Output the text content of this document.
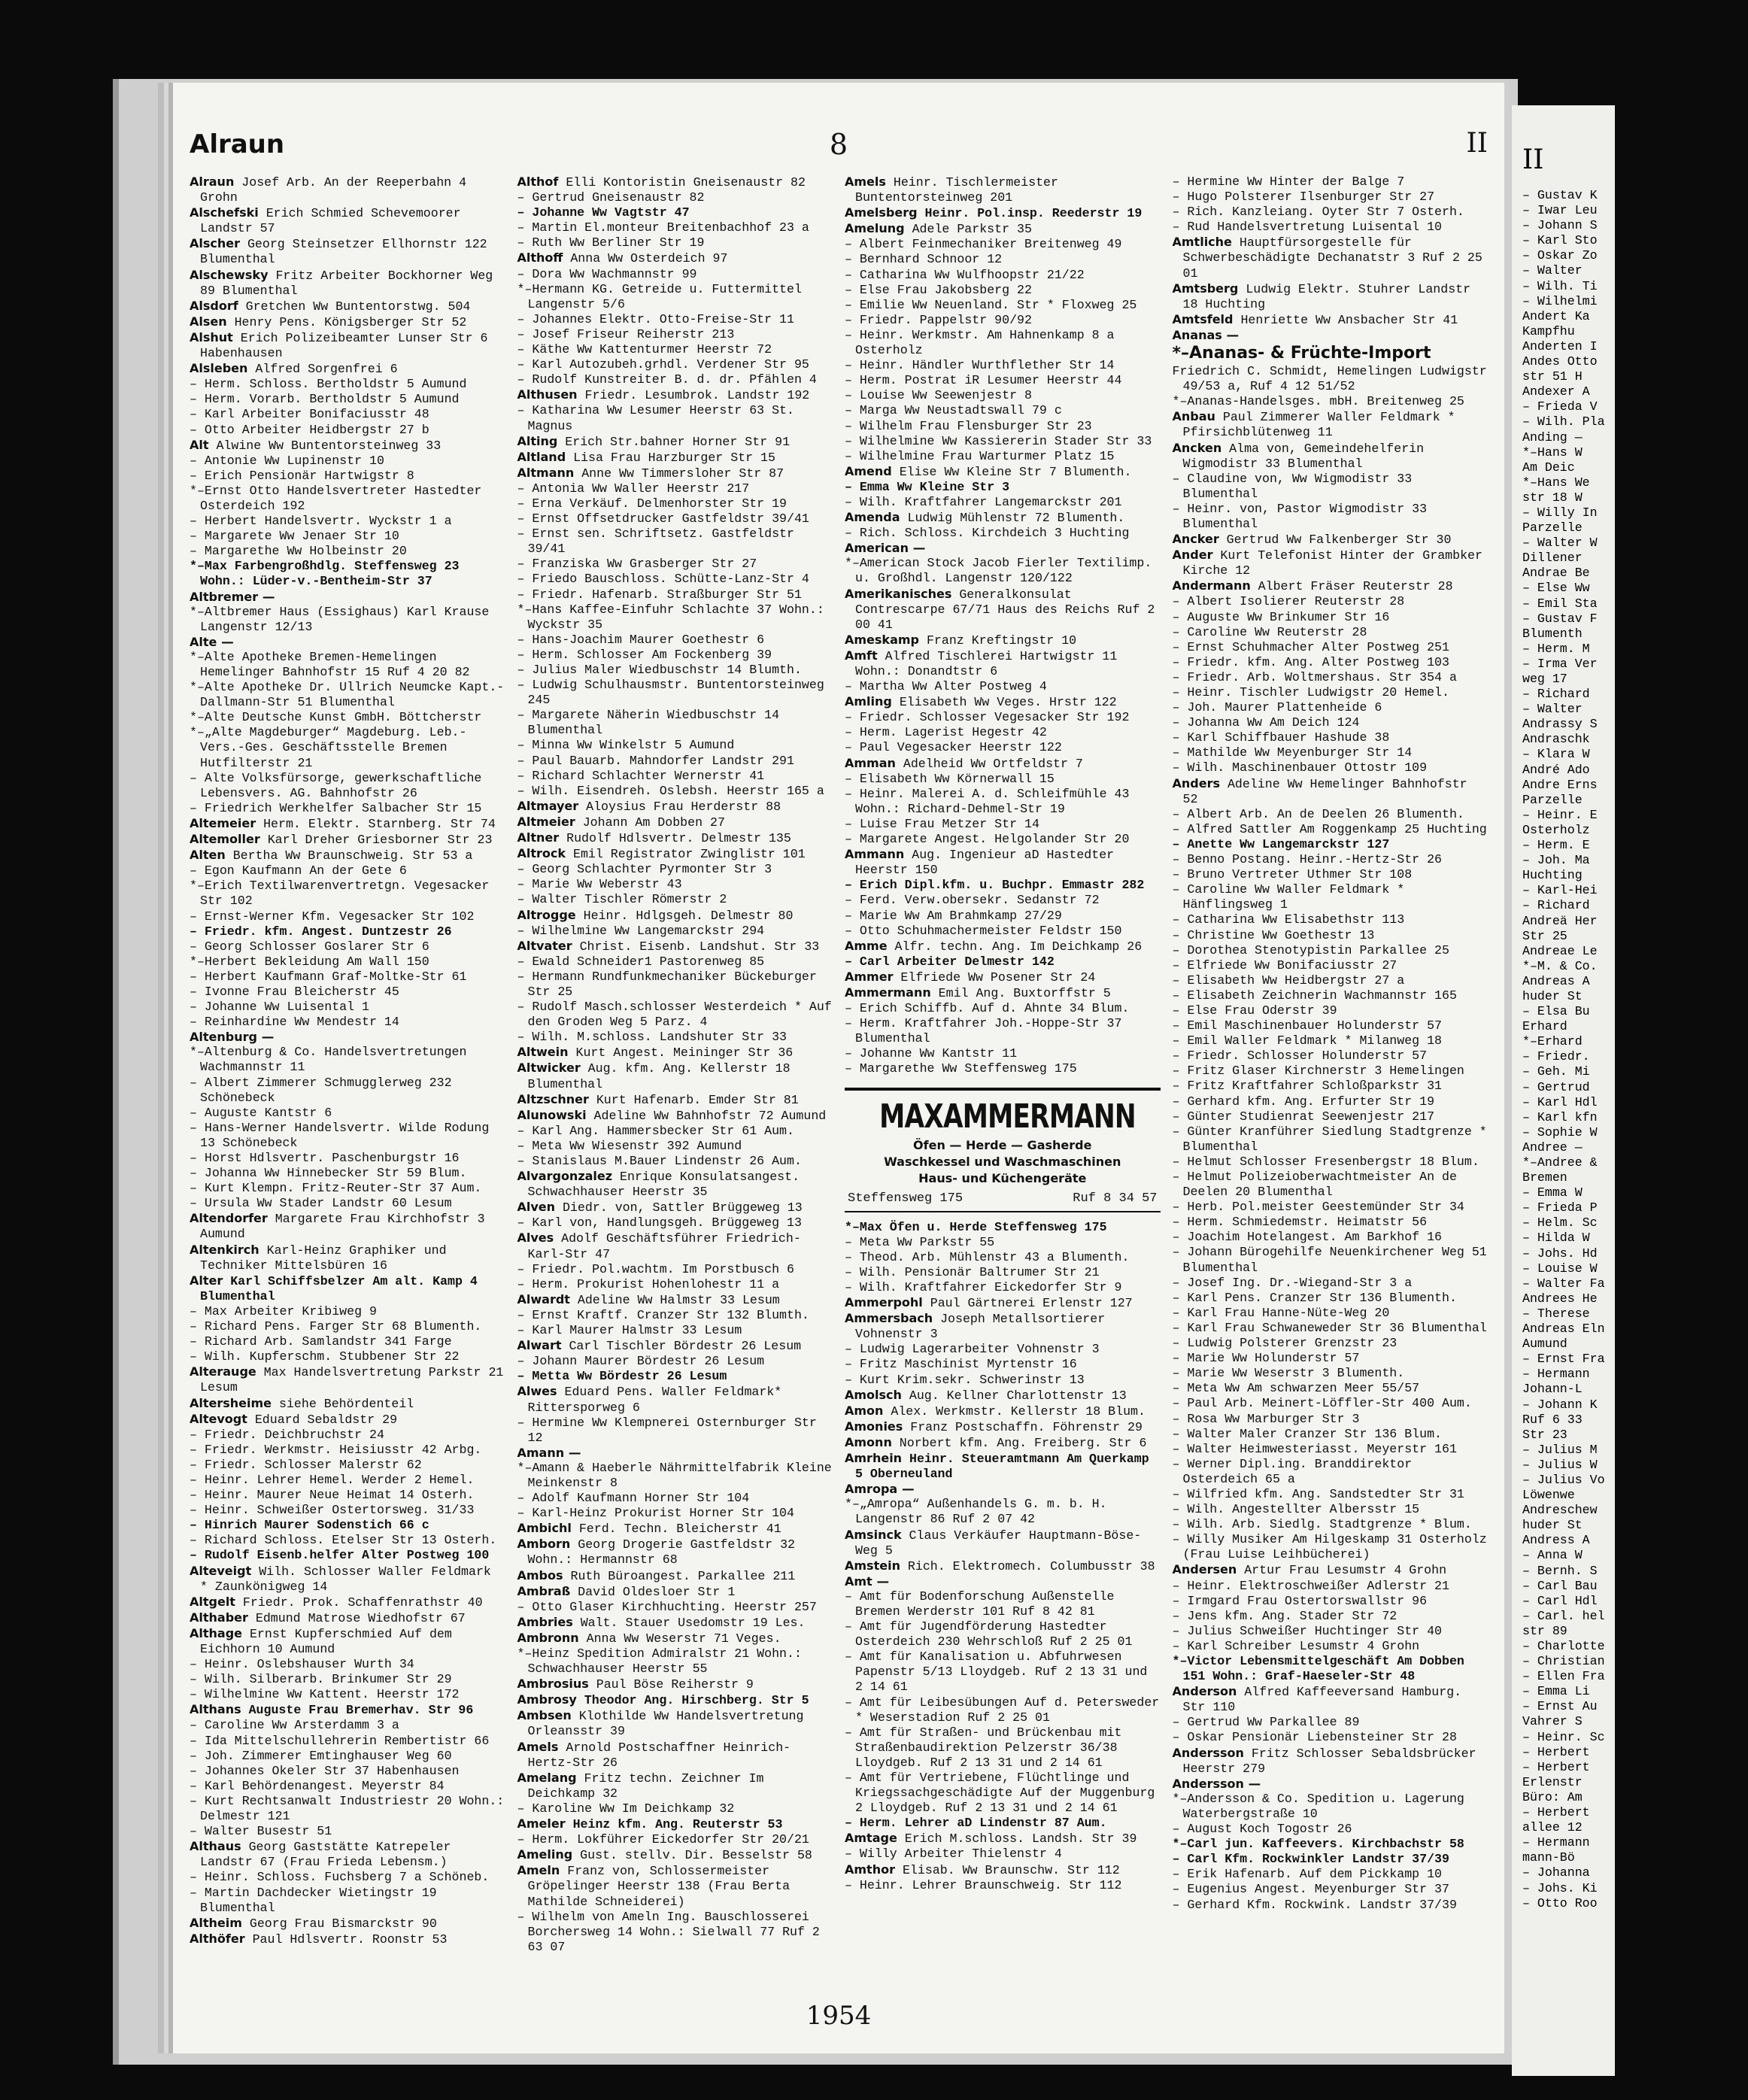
Alraun	8	II
Alraun Josef Arb. An der Reeperbahn 4 Grohn
Alschefski Erich Schmied Schevemoorer Landstr 57
Alscher Georg Steinsetzer Ellhornstr 122 Blumenthal
Alschewsky Fritz Arbeiter Bockhorner Weg 89 Blumenthal
Alsdorf Gretchen Ww Buntentorstwg. 504
Alsen Henry Pens. Königsberger Str 52
Alshut Erich Polizeibeamter Lunser Str 6 Habenhausen
Alsleben Alfred Sorgenfrei 6
– Herm. Schloss. Bertholdstr 5 Aumund
– Herm. Vorarb. Bertholdstr 5 Aumund
– Karl Arbeiter Bonifaciusstr 48
– Otto Arbeiter Heidbergstr 27 b
Alt Alwine Ww Buntentorsteinweg 33
– Antonie Ww Lupinenstr 10
– Erich Pensionär Hartwigstr 8
*–Ernst Otto Handelsvertreter Hastedter Osterdeich 192
– Herbert Handelsvertr. Wyckstr 1 a
– Margarete Ww Jenaer Str 10
– Margarethe Ww Holbeinstr 20
*–Max Farbengroßhdlg. Steffensweg 23 Wohn.: Lüder-v.-Bentheim-Str 37
Altbremer —
*–Altbremer Haus (Essighaus) Karl Krause Langenstr 12/13
Alte —
*–Alte Apotheke Bremen-Hemelingen Hemelinger Bahnhofstr 15 Ruf 4 20 82
*–Alte Apotheke Dr. Ullrich Neumcke Kapt.-Dallmann-Str 51 Blumenthal
*–Alte Deutsche Kunst GmbH. Böttcherstr
*–„Alte Magdeburger“ Magdeburg. Leb.-Vers.-Ges. Geschäftsstelle Bremen Hutfilterstr 21
– Alte Volksfürsorge, gewerkschaftliche Lebensvers. AG. Bahnhofstr 26
– Friedrich Werkhelfer Salbacher Str 15
Altemeier Herm. Elektr. Starnberg. Str 74
Altemoller Karl Dreher Griesborner Str 23
Alten Bertha Ww Braunschweig. Str 53 a
– Egon Kaufmann An der Gete 6
*–Erich Textilwarenvertretgn. Vegesacker Str 102
– Ernst-Werner Kfm. Vegesacker Str 102
– Friedr. kfm. Angest. Duntzestr 26
– Georg Schlosser Goslarer Str 6
*–Herbert Bekleidung Am Wall 150
– Herbert Kaufmann Graf-Moltke-Str 61
– Ivonne Frau Bleicherstr 45
– Johanne Ww Luisental 1
– Reinhardine Ww Mendestr 14
Altenburg —
*–Altenburg & Co. Handelsvertretungen Wachmannstr 11
– Albert Zimmerer Schmugglerweg 232 Schönebeck
– Auguste Kantstr 6
– Hans-Werner Handelsvertr. Wilde Rodung 13 Schönebeck
– Horst Hdlsvertr. Paschenburgstr 16
– Johanna Ww Hinnebecker Str 59 Blum.
– Kurt Klempn. Fritz-Reuter-Str 37 Aum.
– Ursula Ww Stader Landstr 60 Lesum
Altendorfer Margarete Frau Kirchhofstr 3 Aumund
Altenkirch Karl-Heinz Graphiker und Techniker Mittelsbüren 16
Alter Karl Schiffsbelzer Am alt. Kamp 4 Blumenthal
– Max Arbeiter Kribiweg 9
– Richard Pens. Farger Str 68 Blumenth.
– Richard Arb. Samlandstr 341 Farge
– Wilh. Kupferschm. Stubbener Str 22
Alterauge Max Handelsvertretung Parkstr 21 Lesum
Altersheime siehe Behördenteil
Altevogt Eduard Sebaldstr 29
– Friedr. Deichbruchstr 24
– Friedr. Werkmstr. Heisiusstr 42 Arbg.
– Friedr. Schlosser Malerstr 62
– Heinr. Lehrer Hemel. Werder 2 Hemel.
– Heinr. Maurer Neue Heimat 14 Osterh.
– Heinr. Schweißer Ostertorsweg. 31/33
– Hinrich Maurer Sodenstich 66 c
– Richard Schloss. Etelser Str 13 Osterh.
– Rudolf Eisenb.helfer Alter Postweg 100
Alteveigt Wilh. Schlosser Waller Feldmark * Zaunkönigweg 14
Altgelt Friedr. Prok. Schaffenrathstr 40
Althaber Edmund Matrose Wiedhofstr 67
Althage Ernst Kupferschmied Auf dem Eichhorn 10 Aumund
– Heinr. Oslebshauser Wurth 34
– Wilh. Silberarb. Brinkumer Str 29
– Wilhelmine Ww Kattent. Heerstr 172
Althans Auguste Frau Bremerhav. Str 96
– Caroline Ww Arsterdamm 3 a
– Ida Mittelschullehrerin Rembertistr 66
– Joh. Zimmerer Emtinghauser Weg 60
– Johannes Okeler Str 37 Habenhausen
– Karl Behördenangest. Meyerstr 84
– Kurt Rechtsanwalt Industriestr 20 Wohn.: Delmestr 121
– Walter Busestr 51
Althaus Georg Gaststätte Katrepeler Landstr 67 (Frau Frieda Lebensm.)
– Heinr. Schloss. Fuchsberg 7 a Schöneb.
– Martin Dachdecker Wietingstr 19 Blumenthal
Altheim Georg Frau Bismarckstr 90
Althöfer Paul Hdlsvertr. Roonstr 53
Althof Elli Kontoristin Gneisenaustr 82
– Gertrud Gneisenaustr 82
– Johanne Ww Vagtstr 47
– Martin El.monteur Breitenbachhof 23 a
– Ruth Ww Berliner Str 19
Althoff Anna Ww Osterdeich 97
– Dora Ww Wachmannstr 99
*–Hermann KG. Getreide u. Futtermittel Langenstr 5/6
– Johannes Elektr. Otto-Freise-Str 11
– Josef Friseur Reiherstr 213
– Käthe Ww Kattenturmer Heerstr 72
– Karl Autozubeh.grhdl. Verdener Str 95
– Rudolf Kunstreiter B. d. dr. Pfählen 4
Althusen Friedr. Lesumbrok. Landstr 192
– Katharina Ww Lesumer Heerstr 63 St. Magnus
Alting Erich Str.bahner Horner Str 91
Altland Lisa Frau Harzburger Str 15
Altmann Anne Ww Timmersloher Str 87
– Antonia Ww Waller Heerstr 217
– Erna Verkäuf. Delmenhorster Str 19
– Ernst Offsetdrucker Gastfeldstr 39/41
– Ernst sen. Schriftsetz. Gastfeldstr 39/41
– Franziska Ww Grasberger Str 27
– Friedo Bauschloss. Schütte-Lanz-Str 4
– Friedr. Hafenarb. Straßburger Str 51
*–Hans Kaffee-Einfuhr Schlachte 37 Wohn.: Wyckstr 35
– Hans-Joachim Maurer Goethestr 6
– Herm. Schlosser Am Fockenberg 39
– Julius Maler Wiedbuschstr 14 Blumth.
– Ludwig Schulhausmstr. Buntentorsteinweg 245
– Margarete Näherin Wiedbuschstr 14 Blumenthal
– Minna Ww Winkelstr 5 Aumund
– Paul Bauarb. Mahndorfer Landstr 291
– Richard Schlachter Wernerstr 41
– Wilh. Eisendreh. Oslebsh. Heerstr 165 a
Altmayer Aloysius Frau Herderstr 88
Altmeier Johann Am Dobben 27
Altner Rudolf Hdlsvertr. Delmestr 135
Altrock Emil Registrator Zwinglistr 101
– Georg Schlachter Pyrmonter Str 3
– Marie Ww Weberstr 43
– Walter Tischler Römerstr 2
Altrogge Heinr. Hdlgsgeh. Delmestr 80
– Wilhelmine Ww Langemarckstr 294
Altvater Christ. Eisenb. Landshut. Str 33
– Ewald Schneider1 Pastorenweg 85
– Hermann Rundfunkmechaniker Bückeburger Str 25
– Rudolf Masch.schlosser Westerdeich * Auf den Groden Weg 5 Parz. 4
– Wilh. M.schloss. Landshuter Str 33
Altwein Kurt Angest. Meininger Str 36
Altwicker Aug. kfm. Ang. Kellerstr 18 Blumenthal
Altzschner Kurt Hafenarb. Emder Str 81
Alunowski Adeline Ww Bahnhofstr 72 Aumund
– Karl Ang. Hammersbecker Str 61 Aum.
– Meta Ww Wiesenstr 392 Aumund
– Stanislaus M.Bauer Lindenstr 26 Aum.
Alvargonzalez Enrique Konsulatsangest. Schwachhauser Heerstr 35
Alven Diedr. von, Sattler Brüggeweg 13
– Karl von, Handlungsgeh. Brüggeweg 13
Alves Adolf Geschäftsführer Friedrich-Karl-Str 47
– Friedr. Pol.wachtm. Im Porstbusch 6
– Herm. Prokurist Hohenlohestr 11 a
Alwardt Adeline Ww Halmstr 33 Lesum
– Ernst Kraftf. Cranzer Str 132 Blumth.
– Karl Maurer Halmstr 33 Lesum
Alwart Carl Tischler Bördestr 26 Lesum
– Johann Maurer Bördestr 26 Lesum
– Metta Ww Bördestr 26 Lesum
Alwes Eduard Pens. Waller Feldmark* Rittersporweg 6
– Hermine Ww Klempnerei Osternburger Str 12
Amann —
*–Amann & Haeberle Nährmittelfabrik Kleine Meinkenstr 8
– Adolf Kaufmann Horner Str 104
– Karl-Heinz Prokurist Horner Str 104
Ambichl Ferd. Techn. Bleicherstr 41
Amborn Georg Drogerie Gastfeldstr 32 Wohn.: Hermannstr 68
Ambos Ruth Büroangest. Parkallee 211
Ambraß David Oldesloer Str 1
– Otto Glaser Kirchhuchting. Heerstr 257
Ambries Walt. Stauer Usedomstr 19 Les.
Ambronn Anna Ww Weserstr 71 Veges.
*–Heinz Spedition Admiralstr 21 Wohn.: Schwachhauser Heerstr 55
Ambrosius Paul Böse Reiherstr 9
Ambrosy Theodor Ang. Hirschberg. Str 5
Ambsen Klothilde Ww Handelsvertretung Orleansstr 39
Amels Arnold Postschaffner Heinrich-Hertz-Str 26
Amelang Fritz techn. Zeichner Im Deichkamp 32
– Karoline Ww Im Deichkamp 32
Ameler Heinz kfm. Ang. Reuterstr 53
– Herm. Lokführer Eickedorfer Str 20/21
Ameling Gust. stellv. Dir. Besselstr 58
Ameln Franz von, Schlossermeister Gröpelinger Heerstr 138 (Frau Berta Mathilde Schneiderei)
– Wilhelm von Ameln Ing. Bauschlosserei Borchersweg 14 Wohn.: Sielwall 77 Ruf 2 63 07
Amels Heinr. Tischlermeister Buntentorsteinweg 201
Amelsberg Heinr. Pol.insp. Reederstr 19
Amelung Adele Parkstr 35
– Albert Feinmechaniker Breitenweg 49
– Bernhard Schnoor 12
– Catharina Ww Wulfhoopstr 21/22
– Else Frau Jakobsberg 22
– Emilie Ww Neuenland. Str * Floxweg 25
– Friedr. Pappelstr 90/92
– Heinr. Werkmstr. Am Hahnenkamp 8 a Osterholz
– Heinr. Händler Wurthflether Str 14
– Herm. Postrat iR Lesumer Heerstr 44
– Louise Ww Seewenjestr 8
– Marga Ww Neustadtswall 79 c
– Wilhelm Frau Flensburger Str 23
– Wilhelmine Ww Kassiererin Stader Str 33
– Wilhelmine Frau Warturmer Platz 15
Amend Elise Ww Kleine Str 7 Blumenth.
– Emma Ww Kleine Str 3
– Wilh. Kraftfahrer Langemarckstr 201
Amenda Ludwig Mühlenstr 72 Blumenth.
– Rich. Schloss. Kirchdeich 3 Huchting
American —
*–American Stock Jacob Fierler Textilimp. u. Großhdl. Langenstr 120/122
Amerikanisches Generalkonsulat Contrescarpe 67/71 Haus des Reichs Ruf 2 00 41
Ameskamp Franz Kreftingstr 10
Amft Alfred Tischlerei Hartwigstr 11 Wohn.: Donandtstr 6
– Martha Ww Alter Postweg 4
Amling Elisabeth Ww Veges. Hrstr 122
– Friedr. Schlosser Vegesacker Str 192
– Herm. Lagerist Hegestr 42
– Paul Vegesacker Heerstr 122
Amman Adelheid Ww Ortfeldstr 7
– Elisabeth Ww Körnerwall 15
– Heinr. Malerei A. d. Schleifmühle 43 Wohn.: Richard-Dehmel-Str 19
– Luise Frau Metzer Str 14
– Margarete Angest. Helgolander Str 20
Ammann Aug. Ingenieur aD Hastedter Heerstr 150
– Erich Dipl.kfm. u. Buchpr. Emmastr 282
– Ferd. Verw.obersekr. Sedanstr 72
– Marie Ww Am Brahmkamp 27/29
– Otto Schuhmachermeister Feldstr 150
Amme Alfr. techn. Ang. Im Deichkamp 26
– Carl Arbeiter Delmestr 142
Ammer Elfriede Ww Posener Str 24
Ammermann Emil Ang. Buxtorffstr 5
– Erich Schiffb. Auf d. Ahnte 34 Blum.
– Herm. Kraftfahrer Joh.-Hoppe-Str 37 Blumenthal
– Johanne Ww Kantstr 11
– Margarethe Ww Steffensweg 175
MAXAMMERMANN
Öfen — Herde — Gasherde
Waschkessel und Waschmaschinen
Haus- und Küchengeräte
Steffensweg 175	Ruf 8 34 57
*–Max Öfen u. Herde Steffensweg 175
– Meta Ww Parkstr 55
– Theod. Arb. Mühlenstr 43 a Blumenth.
– Wilh. Pensionär Baltrumer Str 21
– Wilh. Kraftfahrer Eickedorfer Str 9
Ammerpohl Paul Gärtnerei Erlenstr 127
Ammersbach Joseph Metallsortierer Vohnenstr 3
– Ludwig Lagerarbeiter Vohnenstr 3
– Fritz Maschinist Myrtenstr 16
– Kurt Krim.sekr. Schwerinstr 13
Amolsch Aug. Kellner Charlottenstr 13
Amon Alex. Werkmstr. Kellerstr 18 Blum.
Amonies Franz Postschaffn. Föhrenstr 29
Amonn Norbert kfm. Ang. Freiberg. Str 6
Amrhein Heinr. Steueramtmann Am Querkamp 5 Oberneuland
Amropa —
*–„Amropa“ Außenhandels G. m. b. H. Langenstr 86 Ruf 2 07 42
Amsinck Claus Verkäufer Hauptmann-Böse-Weg 5
Amstein Rich. Elektromech. Columbusstr 38
Amt —
– Amt für Bodenforschung Außenstelle Bremen Werderstr 101 Ruf 8 42 81
– Amt für Jugendförderung Hastedter Osterdeich 230 Wehrschloß Ruf 2 25 01
– Amt für Kanalisation u. Abfuhrwesen Papenstr 5/13 Lloydgeb. Ruf 2 13 31 und 2 14 61
– Amt für Leibesübungen Auf d. Petersweder * Weserstadion Ruf 2 25 01
– Amt für Straßen- und Brückenbau mit Straßenbaudirektion Pelzerstr 36/38 Lloydgeb. Ruf 2 13 31 und 2 14 61
– Amt für Vertriebene, Flüchtlinge und Kriegssachgeschädigte Auf der Muggenburg 2 Lloydgeb. Ruf 2 13 31 und 2 14 61
– Herm. Lehrer aD Lindenstr 87 Aum.
Amtage Erich M.schloss. Landsh. Str 39
– Willy Arbeiter Thielenstr 4
Amthor Elisab. Ww Braunschw. Str 112
– Heinr. Lehrer Braunschweig. Str 112
– Hermine Ww Hinter der Balge 7
– Hugo Polsterer Ilsenburger Str 27
– Rich. Kanzleiang. Oyter Str 7 Osterh.
– Rud Handelsvertretung Luisental 10
Amtliche Hauptfürsorgestelle für Schwerbeschädigte Dechanatstr 3 Ruf 2 25 01
Amtsberg Ludwig Elektr. Stuhrer Landstr 18 Huchting
Amtsfeld Henriette Ww Ansbacher Str 41
Ananas —
*–Ananas- & Früchte-Import
Friedrich C. Schmidt, Hemelingen Ludwigstr 49/53 a, Ruf 4 12 51/52
*–Ananas-Handelsges. mbH. Breitenweg 25
Anbau Paul Zimmerer Waller Feldmark * Pfirsichblütenweg 11
Ancken Alma von, Gemeindehelferin Wigmodistr 33 Blumenthal
– Claudine von, Ww Wigmodistr 33 Blumenthal
– Heinr. von, Pastor Wigmodistr 33 Blumenthal
Ancker Gertrud Ww Falkenberger Str 30
Ander Kurt Telefonist Hinter der Grambker Kirche 12
Andermann Albert Fräser Reuterstr 28
– Albert Isolierer Reuterstr 28
– Auguste Ww Brinkumer Str 16
– Caroline Ww Reuterstr 28
– Ernst Schuhmacher Alter Postweg 251
– Friedr. kfm. Ang. Alter Postweg 103
– Friedr. Arb. Woltmershaus. Str 354 a
– Heinr. Tischler Ludwigstr 20 Hemel.
– Joh. Maurer Plattenheide 6
– Johanna Ww Am Deich 124
– Karl Schiffbauer Hashude 38
– Mathilde Ww Meyenburger Str 14
– Wilh. Maschinenbauer Ottostr 109
Anders Adeline Ww Hemelinger Bahnhofstr 52
– Albert Arb. An de Deelen 26 Blumenth.
– Alfred Sattler Am Roggenkamp 25 Huchting
– Anette Ww Langemarckstr 127
– Benno Postang. Heinr.-Hertz-Str 26
– Bruno Vertreter Uthmer Str 108
– Caroline Ww Waller Feldmark * Hänflingsweg 1
– Catharina Ww Elisabethstr 113
– Christine Ww Goethestr 13
– Dorothea Stenotypistin Parkallee 25
– Elfriede Ww Bonifaciusstr 27
– Elisabeth Ww Heidbergstr 27 a
– Elisabeth Zeichnerin Wachmannstr 165
– Else Frau Oderstr 39
– Emil Maschinenbauer Holunderstr 57
– Emil Waller Feldmark * Milanweg 18
– Friedr. Schlosser Holunderstr 57
– Fritz Glaser Kirchnerstr 3 Hemelingen
– Fritz Kraftfahrer Schloßparkstr 31
– Gerhard kfm. Ang. Erfurter Str 19
– Günter Studienrat Seewenjestr 217
– Günter Kranführer Siedlung Stadtgrenze * Blumenthal
– Helmut Schlosser Fresenbergstr 18 Blum.
– Helmut Polizeioberwachtmeister An de Deelen 20 Blumenthal
– Herb. Pol.meister Geestemünder Str 34
– Herm. Schmiedemstr. Heimatstr 56
– Joachim Hotelangest. Am Barkhof 16
– Johann Bürogehilfe Neuenkirchener Weg 51 Blumenthal
– Josef Ing. Dr.-Wiegand-Str 3 a
– Karl Pens. Cranzer Str 136 Blumenth.
– Karl Frau Hanne-Nüte-Weg 20
– Karl Frau Schwaneweder Str 36 Blumenthal
– Ludwig Polsterer Grenzstr 23
– Marie Ww Holunderstr 57
– Marie Ww Weserstr 3 Blumenth.
– Meta Ww Am schwarzen Meer 55/57
– Paul Arb. Meinert-Löffler-Str 400 Aum.
– Rosa Ww Marburger Str 3
– Walter Maler Cranzer Str 136 Blum.
– Walter Heimwesteriasst. Meyerstr 161
– Werner Dipl.ing. Branddirektor Osterdeich 65 a
– Wilfried kfm. Ang. Sandstedter Str 31
– Wilh. Angestellter Albersstr 15
– Wilh. Arb. Siedlg. Stadtgrenze * Blum.
– Willy Musiker Am Hilgeskamp 31 Osterholz (Frau Luise Leihbücherei)
Andersen Artur Frau Lesumstr 4 Grohn
– Heinr. Elektroschweißer Adlerstr 21
– Irmgard Frau Ostertorswallstr 96
– Jens kfm. Ang. Stader Str 72
– Julius Schweißer Huchtinger Str 40
– Karl Schreiber Lesumstr 4 Grohn
*–Victor Lebensmittelgeschäft Am Dobben 151 Wohn.: Graf-Haeseler-Str 48
Anderson Alfred Kaffeeversand Hamburg. Str 110
– Gertrud Ww Parkallee 89
– Oskar Pensionär Liebensteiner Str 28
Andersson Fritz Schlosser Sebaldsbrücker Heerstr 279
Andersson —
*–Andersson & Co. Spedition u. Lagerung Waterbergstraße 10
– August Koch Togostr 26
*–Carl jun. Kaffeevers. Kirchbachstr 58
– Carl Kfm. Rockwinkler Landstr 37/39
– Erik Hafenarb. Auf dem Pickkamp 10
– Eugenius Angest. Meyenburger Str 37
– Gerhard Kfm. Rockwink. Landstr 37/39
1954
II
– Gustav K
– Iwar Leu
– Johann S
– Karl Sto
– Oskar Zo
– Walter
– Wilh. Ti
– Wilhelmi
Andert Ka
Kampfhu
Anderten I
Andes Otto
str 51 H
Andexer A
– Frieda V
– Wilh. Pla
Anding —
*–Hans W
Am Deic
*–Hans We
str 18 W
– Willy In
Parzelle
– Walter W
Dillener
Andrae Be
– Else Ww
– Emil Sta
– Gustav F
Blumenth
– Herm. M
– Irma Ver
weg 17
– Richard
– Walter
Andrassy S
Andraschk
– Klara W
André Ado
Andre Erns
Parzelle
– Heinr. E
Osterholz
– Herm. E
– Joh. Ma
Huchting
– Karl-Hei
– Richard
Andreä Her
Str 25
Andreae Le
*–M. & Co.
Andreas A
huder St
– Elsa Bu
Erhard
*–Erhard
– Friedr.
– Geh. Mi
– Gertrud
– Karl Hdl
– Karl kfn
– Sophie W
Andree —
*–Andree &
Bremen
– Emma W
– Frieda P
– Helm. Sc
– Hilda W
– Johs. Hd
– Louise W
– Walter Fa
Andrees He
– Therese
Andreas Eln
Aumund
– Ernst Fra
– Hermann
Johann-L
– Johann K
Ruf 6 33
Str 23
– Julius M
– Julius W
– Julius Vo
Löwenwe
Andreschew
huder St
Andress A
– Anna W
– Bernh. S
– Carl Bau
– Carl Hdl
– Carl. hel
str 89
– Charlotte
– Christian
– Ellen Fra
– Emma Li
– Ernst Au
Vahrer S
– Heinr. Sc
– Herbert
– Herbert
Erlenstr
Büro: Am
– Herbert
allee 12
– Hermann
mann-Bö
– Johanna
– Johs. Ki
– Otto Roo
